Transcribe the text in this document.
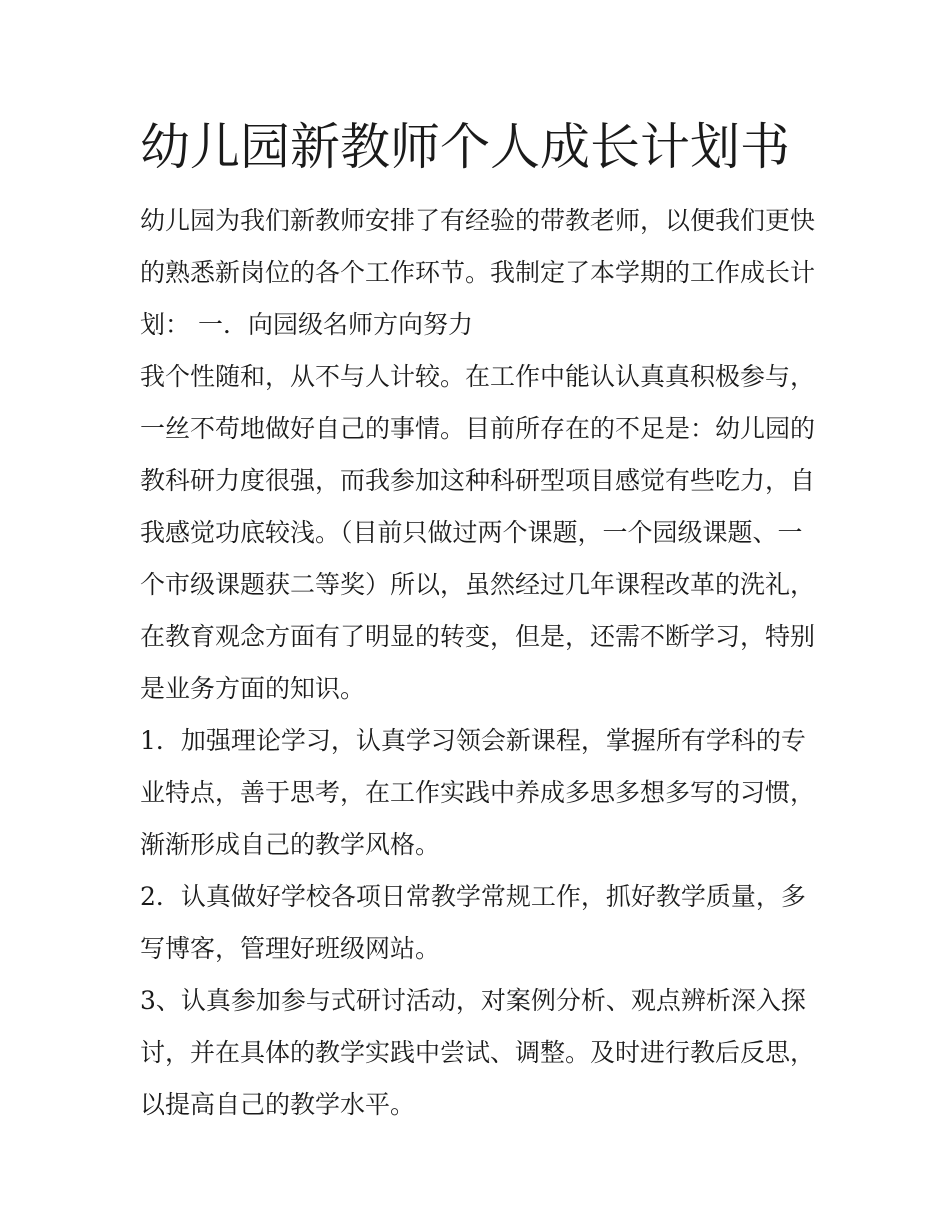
幼儿园新教师个人成长计划书

幼儿园为我们新教师安排了有经验的带教老师，以便我们更快的熟悉新岗位的各个工作环节。我制定了本学期的工作成长计划： 一．向园级名师方向努力

我个性随和，从不与人计较。在工作中能认认真真积极参与，一丝不苟地做好自己的事情。目前所存在的不足是：幼儿园的教科研力度很强，而我参加这种科研型项目感觉有些吃力，自我感觉功底较浅。（目前只做过两个课题，一个园级课题、一个市级课题获二等奖）所以，虽然经过几年课程改革的洗礼，在教育观念方面有了明显的转变，但是，还需不断学习，特别是业务方面的知识。

1．加强理论学习，认真学习领会新课程，掌握所有学科的专业特点，善于思考，在工作实践中养成多思多想多写的习惯，渐渐形成自己的教学风格。

2．认真做好学校各项日常教学常规工作，抓好教学质量，多写博客，管理好班级网站。

3、认真参加参与式研讨活动，对案例分析、观点辨析深入探讨，并在具体的教学实践中尝试、调整。及时进行教后反思，以提高自己的教学水平。
